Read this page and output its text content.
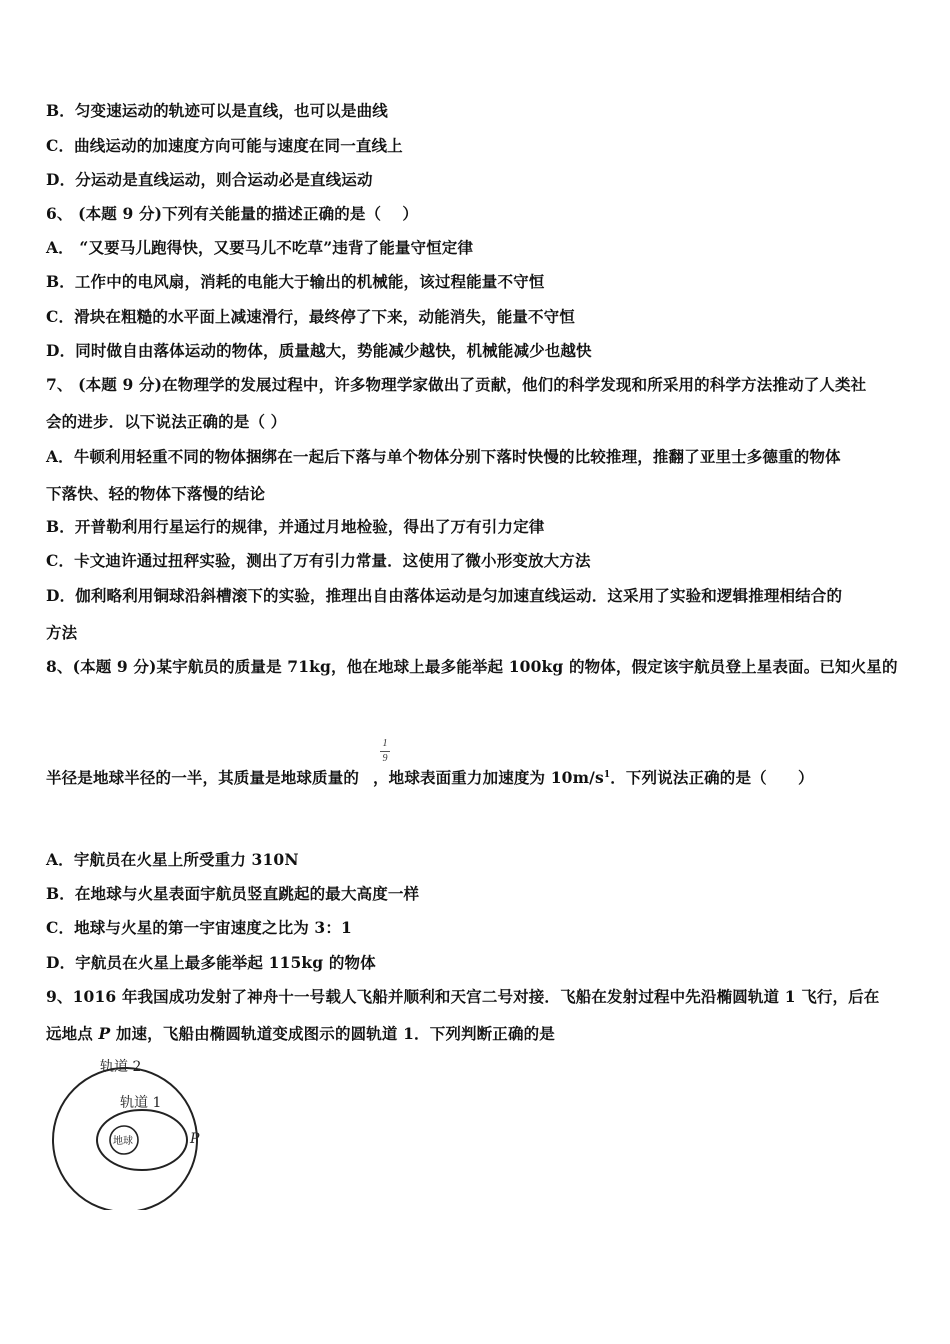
B．匀变速运动的轨迹可以是直线，也可以是曲线
C．曲线运动的加速度方向可能与速度在同一直线上
D．分运动是直线运动，则合运动必是直线运动
6、 (本题 9 分)下列有关能量的描述正确的是（　 ）
A． “又要马儿跑得快，又要马儿不吃草”违背了能量守恒定律
B．工作中的电风扇，消耗的电能大于输出的机械能，该过程能量不守恒
C．滑块在粗糙的水平面上减速滑行，最终停了下来，动能消失，能量不守恒
D．同时做自由落体运动的物体，质量越大，势能减少越快，机械能减少也越快
7、 (本题 9 分)在物理学的发展过程中，许多物理学家做出了贡献，他们的科学发现和所采用的科学方法推动了人类社
会的进步．以下说法正确的是（ ）
A．牛顿利用轻重不同的物体捆绑在一起后下落与单个物体分别下落时快慢的比较推理，推翻了亚里士多德重的物体
下落快、轻的物体下落慢的结论
B．开普勒利用行星运行的规律，并通过月地检验，得出了万有引力定律
C．卡文迪许通过扭秤实验，测出了万有引力常量．这使用了微小形变放大方法
D．伽利略利用铜球沿斜槽滚下的实验，推理出自由落体运动是匀加速直线运动．这采用了实验和逻辑推理相结合的
方法
8、(本题 9 分)某宇航员的质量是 71kg，他在地球上最多能举起 100kg 的物体，假定该宇航员登上星表面。已知火星的
1
9
半径是地球半径的一半，其质量是地球质量的 ，地球表面重力加速度为 $10m/s^1$．下列说法正确的是（　　）
A．宇航员在火星上所受重力 310N
B．在地球与火星表面宇航员竖直跳起的最大高度一样
C．地球与火星的第一宇宙速度之比为 3：1
D．宇航员在火星上最多能举起 115kg 的物体
9、1016 年我国成功发射了神舟十一号载人飞船并顺利和天宫二号对接．飞船在发射过程中先沿椭圆轨道 1 飞行，后在
远地点 P 加速，飞船由椭圆轨道变成图示的圆轨道 1．下列判断正确的是
轨道 2
轨道 1
地球	P
